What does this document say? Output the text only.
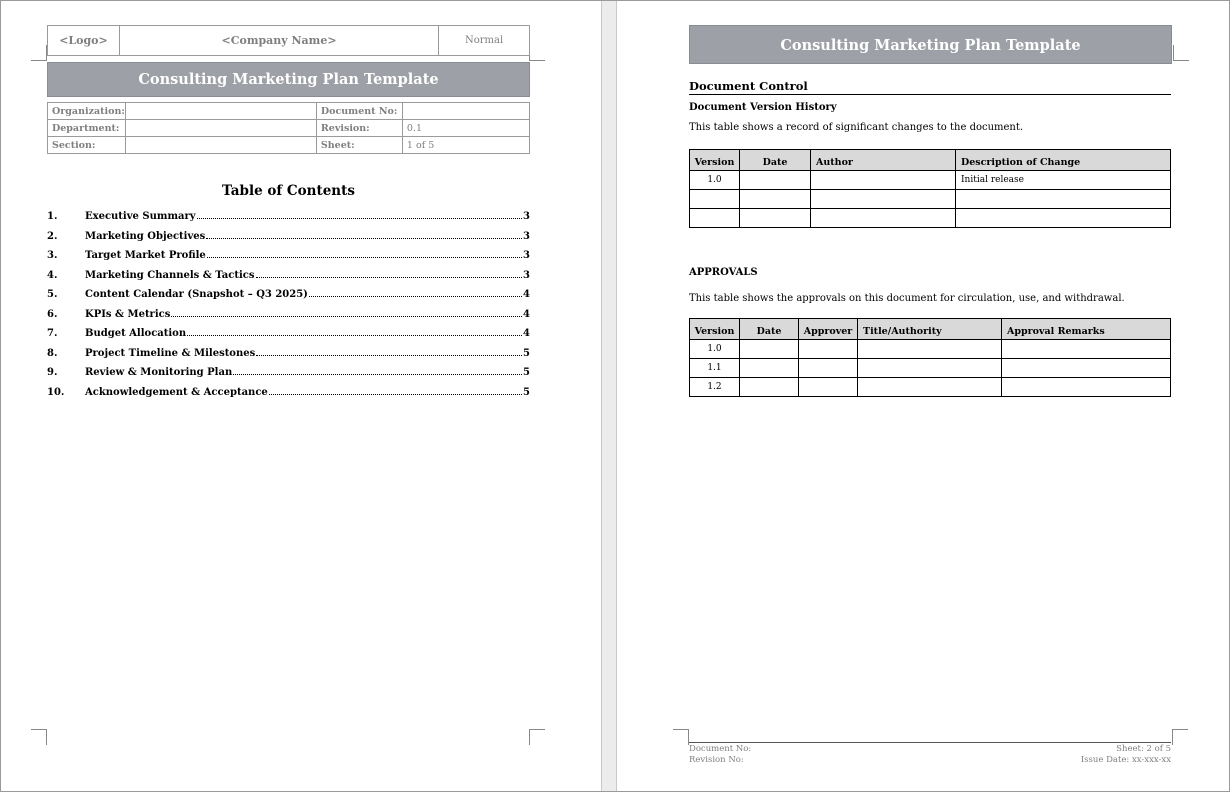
<Logo>	<Company Name>	Normal
Consulting Marketing Plan Template
Organization:		Document No:	
Department:		Revision:	0.1
Section:		Sheet:	1 of 5
Table of Contents
1.	Executive Summary	3
2.	Marketing Objectives	3
3.	Target Market Profile	3
4.	Marketing Channels & Tactics	3
5.	Content Calendar (Snapshot – Q3 2025)	4
6.	KPIs & Metrics	4
7.	Budget Allocation	4
8.	Project Timeline & Milestones	5
9.	Review & Monitoring Plan	5
10.	Acknowledgement & Acceptance	5
Consulting Marketing Plan Template
Document Control
Document Version History
This table shows a record of significant changes to the document.
Version	Date	Author	Description of Change
1.0			Initial release

APPROVALS
This table shows the approvals on this document for circulation, use, and withdrawal.
Version	Date	Approver	Title/Authority	Approval Remarks
1.0				
1.1				
1.2				
Document No:	Sheet: 2 of 5
Revision No:	Issue Date: xx-xxx-xx
